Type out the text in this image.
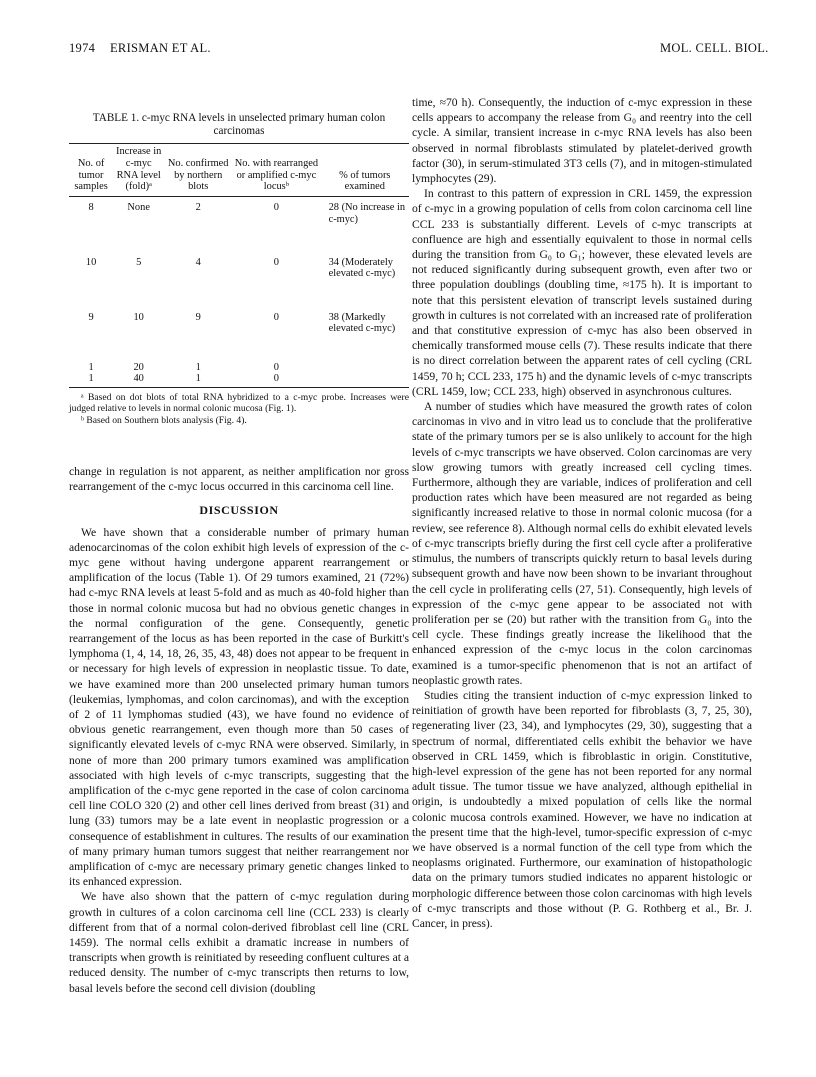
1974 ERISMAN ET AL.	MOL. CELL. BIOL.
TABLE 1. c-myc RNA levels in unselected primary human colon carcinomas
No. of tumor samples	Increase in c-myc RNA level (fold)ᵃ	No. confirmed by northern blots	No. with rearranged or amplified c-myc locusᵇ	% of tumors examined
8	None	2	0	28 (No increase in c-myc)
10	5	4	0	34 (Moderately elevated c-myc)
9	10	9	0	38 (Markedly elevated c-myc)
1	20	1	0	
1	40	1	0	
ᵃ Based on dot blots of total RNA hybridized to a c-myc probe. Increases were judged relative to levels in normal colonic mucosa (Fig. 1).
ᵇ Based on Southern blots analysis (Fig. 4).

change in regulation is not apparent, as neither amplification nor gross rearrangement of the c-myc locus occurred in this carcinoma cell line.

DISCUSSION

We have shown that a considerable number of primary human adenocarcinomas of the colon exhibit high levels of expression of the c-myc gene without having undergone apparent rearrangement or amplification of the locus (Table 1). Of 29 tumors examined, 21 (72%) had c-myc RNA levels at least 5-fold and as much as 40-fold higher than those in normal colonic mucosa but had no obvious genetic changes in the normal configuration of the gene. Consequently, genetic rearrangement of the locus as has been reported in the case of Burkitt's lymphoma (1, 4, 14, 18, 26, 35, 43, 48) does not appear to be frequent in or necessary for high levels of expression in neoplastic tissue. To date, we have examined more than 200 unselected primary human tumors (leukemias, lymphomas, and colon carcinomas), and with the exception of 2 of 11 lymphomas studied (43), we have found no evidence of obvious genetic rearrangement, even though more than 50 cases of significantly elevated levels of c-myc RNA were observed. Similarly, in none of more than 200 primary tumors examined was amplification associated with high levels of c-myc transcripts, suggesting that the amplification of the c-myc gene reported in the case of colon carcinoma cell line COLO 320 (2) and other cell lines derived from breast (31) and lung (33) tumors may be a late event in neoplastic progression or a consequence of establishment in cultures. The results of our examination of many primary human tumors suggest that neither rearrangement nor amplification of c-myc are necessary primary genetic changes linked to its enhanced expression.

We have also shown that the pattern of c-myc regulation during growth in cultures of a colon carcinoma cell line (CCL 233) is clearly different from that of a normal colon-derived fibroblast cell line (CRL 1459). The normal cells exhibit a dramatic increase in numbers of transcripts when growth is reinitiated by reseeding confluent cultures at a reduced density. The number of c-myc transcripts then returns to low, basal levels before the second cell division (doubling

time, ≈70 h). Consequently, the induction of c-myc expression in these cells appears to accompany the release from G₀ and reentry into the cell cycle. A similar, transient increase in c-myc RNA levels has also been observed in normal fibroblasts stimulated by platelet-derived growth factor (30), in serum-stimulated 3T3 cells (7), and in mitogen-stimulated lymphocytes (29).

In contrast to this pattern of expression in CRL 1459, the expression of c-myc in a growing population of cells from colon carcinoma cell line CCL 233 is substantially different. Levels of c-myc transcripts at confluence are high and essentially equivalent to those in normal cells during the transition from G₀ to G₁; however, these elevated levels are not reduced significantly during subsequent growth, even after two or three population doublings (doubling time, ≈175 h). It is important to note that this persistent elevation of transcript levels sustained during growth in cultures is not correlated with an increased rate of proliferation and that constitutive expression of c-myc has also been observed in chemically transformed mouse cells (7). These results indicate that there is no direct correlation between the apparent rates of cell cycling (CRL 1459, 70 h; CCL 233, 175 h) and the dynamic levels of c-myc transcripts (CRL 1459, low; CCL 233, high) observed in asynchronous cultures.

A number of studies which have measured the growth rates of colon carcinomas in vivo and in vitro lead us to conclude that the proliferative state of the primary tumors per se is also unlikely to account for the high levels of c-myc transcripts we have observed. Colon carcinomas are very slow growing tumors with greatly increased cell cycling times. Furthermore, although they are variable, indices of proliferation and cell production rates which have been measured are not regarded as being significantly increased relative to those in normal colonic mucosa (for a review, see reference 8). Although normal cells do exhibit elevated levels of c-myc transcripts briefly during the first cell cycle after a proliferative stimulus, the numbers of transcripts quickly return to basal levels during subsequent growth and have now been shown to be invariant throughout the cell cycle in proliferating cells (27, 51). Consequently, high levels of expression of the c-myc gene appear to be associated not with proliferation per se (20) but rather with the transition from G₀ into the cell cycle. These findings greatly increase the likelihood that the enhanced expression of the c-myc locus in the colon carcinomas examined is a tumor-specific phenomenon that is not an artifact of neoplastic growth rates.

Studies citing the transient induction of c-myc expression linked to reinitiation of growth have been reported for fibroblasts (3, 7, 25, 30), regenerating liver (23, 34), and lymphocytes (29, 30), suggesting that a spectrum of normal, differentiated cells exhibit the behavior we have observed in CRL 1459, which is fibroblastic in origin. Constitutive, high-level expression of the gene has not been reported for any normal adult tissue. The tumor tissue we have analyzed, although epithelial in origin, is undoubtedly a mixed population of cells like the normal colonic mucosa controls examined. However, we have no indication at the present time that the high-level, tumor-specific expression of c-myc we have observed is a normal function of the cell type from which the neoplasms originated. Furthermore, our examination of histopathologic data on the primary tumors studied indicates no apparent histologic or morphologic difference between those colon carcinomas with high levels of c-myc transcripts and those without (P. G. Rothberg et al., Br. J. Cancer, in press).
